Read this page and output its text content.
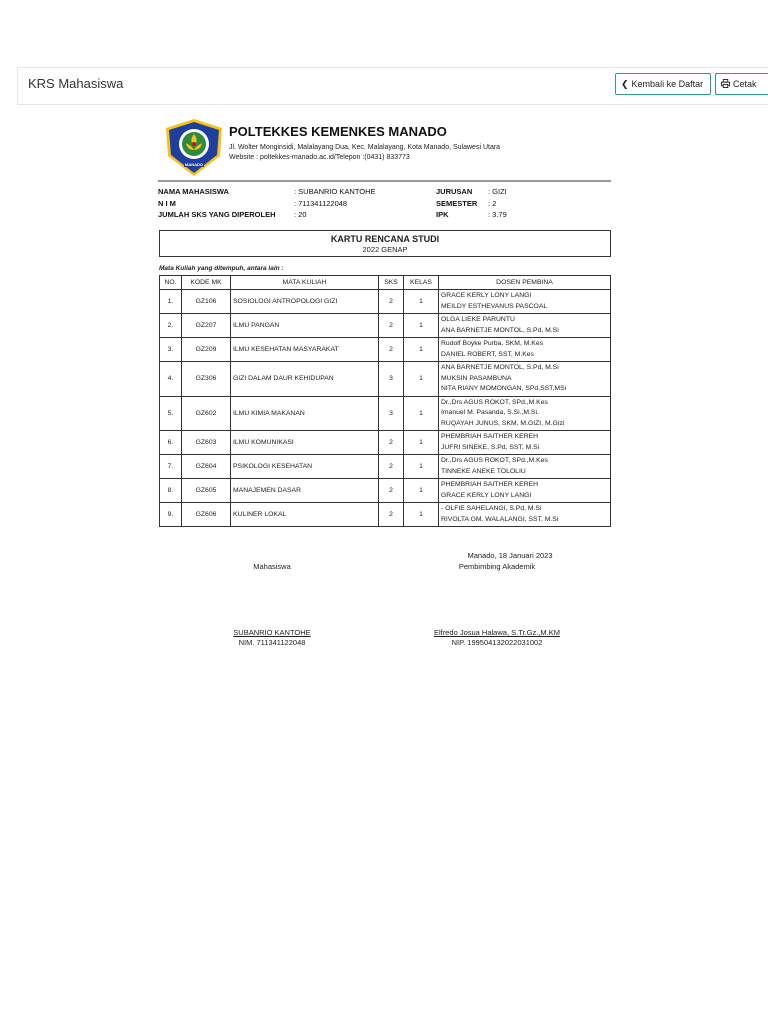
KRS Mahasiswa	❮ Kembali ke Daftar	Cetak
MANADO
POLTEKKES KEMENKES MANADO
Jl. Wolter Monginsidi, Malalayang Dua, Kec. Malalayang, Kota Manado, Sulawesi Utara
Website : poltekkes-manado.ac.id/Telepon :(0431) 833773
NAMA MAHASISWA	: SUBANRIO KANTOHE
N I M	: 711341122048
JUMLAH SKS YANG DIPEROLEH : 20
JURUSAN : GIZI
SEMESTER : 2
IPK	: 3.79
KARTU RENCANA STUDI
2022 GENAP
Mata Kuliah yang ditempuh, antara lain :
NO.	KODE MK	MATA KULIAH	SKS	KELAS	DOSEN PEMBINA
1.	GZ106	SOSIOLOGI ANTROPOLOGI GIZI	2	1	GRACE KERLY LONY LANGI
MEILDY ESTHEVANUS PASCOAL

2.	GZ207	ILMU PANGAN	2	1	OLGA LIEKE PARUNTU
ANA BARNETJE MONTOL, S.Pd, M.Si

3.	GZ209	ILMU KESEHATAN MASYARAKAT	2	1	Rudolf Boyke Purba, SKM, M.Kes
DANIEL ROBERT, SST, M.Kes

4.	GZ306	GIZI DALAM DAUR KEHIDUPAN	3	1	ANA BARNETJE MONTOL, S.Pd, M.Si
MUKSIN PASAMBUNA
NITA RIANY MOMONGAN, SPd,SST,MSi

5.	GZ602	ILMU KIMIA MAKANAN	3	1	Dr.,Drs AGUS ROKOT, SPd.,M.Kes
Imanuel M. Pasanda, S.Si.,M.Si.
RUQAYAH JUNUS, SKM, M.GIZI, M.Gizi

6.	GZ603	ILMU KOMUNIKASI	2	1	PHEMBRIAH SAITHER KEREH
JUFRI SINEKE, S.Pd, SST, M.Si

7.	GZ604	PSIKOLOGI KESEHATAN	2	1	Dr.,Drs AGUS ROKOT, SPd.,M.Kes
TINNEKE ANEKE TOLOLIU

8.	GZ605	MANAJEMEN DASAR	2	1	PHEMBRIAH SAITHER KEREH
GRACE KERLY LONY LANGI

9.	GZ606	KULINER LOKAL	2	1	- OLFIE SAHELANGI, S.Pd, M.Si
RIVOLTA GM. WALALANGI, SST, M.Si
Manado, 18 Januari 2023
Mahasiswa	Pembimbing Akademik
SUBANRIO KANTOHE
NIM. 711341122048
Elfredo Josua Halawa, S.Tr.Gz.,M.KM
NIP. 199504132022031002
